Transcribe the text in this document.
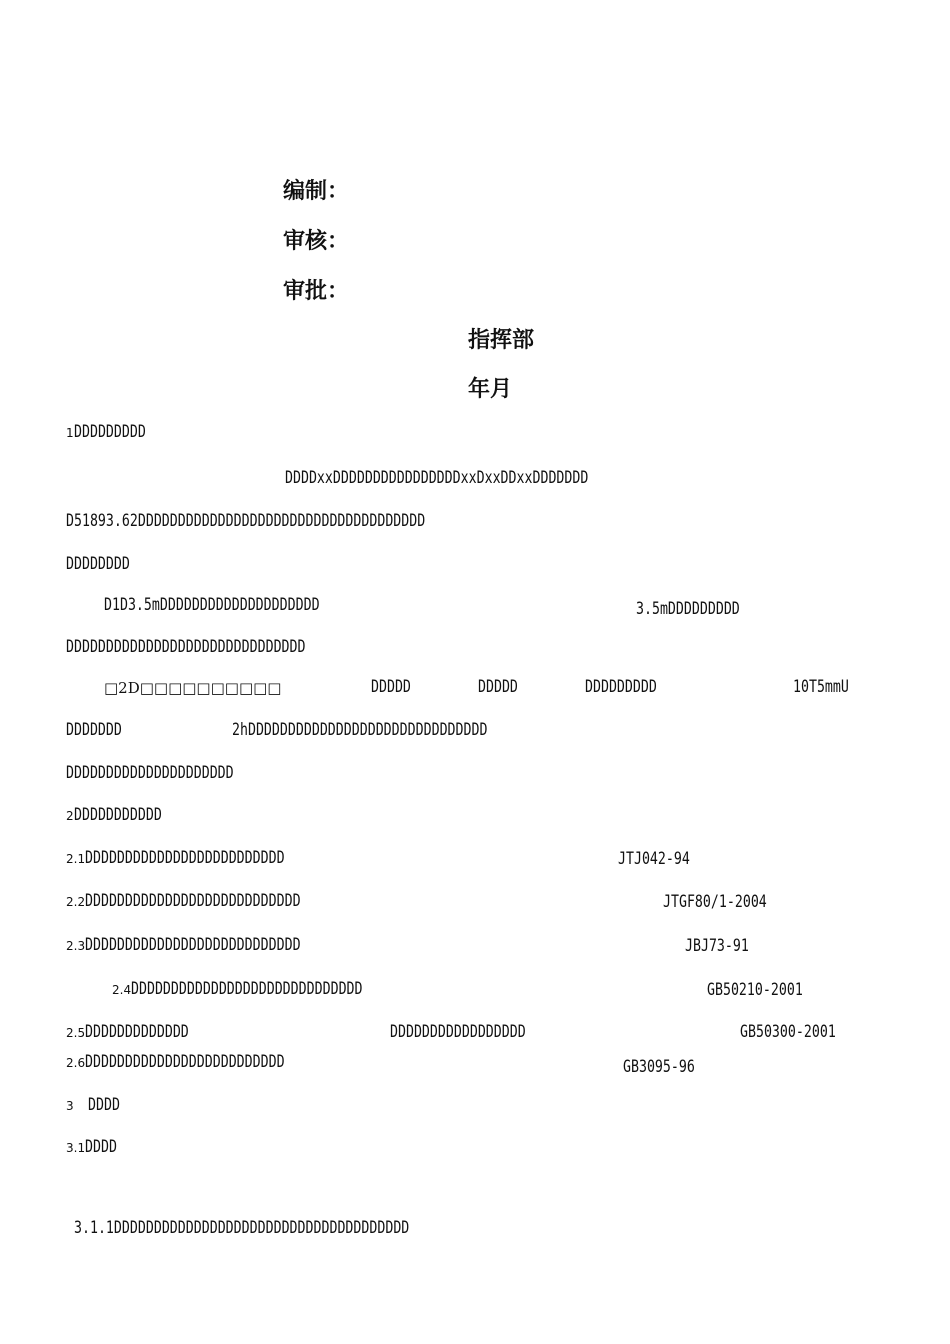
编制：
审核：
审批：
指挥部
年月
1DDDDDDDDD
DDDDxxDDDDDDDDDDDDDDDDxxDxxDDxxDDDDDDD
D51893.62DDDDDDDDDDDDDDDDDDDDDDDDDDDDDDDDDDDD
DDDDDDDD
D1D3.5mDDDDDDDDDDDDDDDDDDDD	3.5mDDDDDDDDD
DDDDDDDDDDDDDDDDDDDDDDDDDDDDDD
□2D□□□□□□□□□□	DDDDD	DDDDD	DDDDDDDDD	10T5mmU
DDDDDDD	2hDDDDDDDDDDDDDDDDDDDDDDDDDDDDDD
DDDDDDDDDDDDDDDDDDDDD
2DDDDDDDDDDD
2.1DDDDDDDDDDDDDDDDDDDDDDDDD	JTJ042-94
2.2DDDDDDDDDDDDDDDDDDDDDDDDDDD	JTGF80/1-2004
2.3DDDDDDDDDDDDDDDDDDDDDDDDDDD	JBJ73-91
2.4DDDDDDDDDDDDDDDDDDDDDDDDDDDDD	GB50210-2001
2.5DDDDDDDDDDDDD	DDDDDDDDDDDDDDDDD	GB50300-2001
2.6DDDDDDDDDDDDDDDDDDDDDDDDD	GB3095-96
3 DDDD
3.1DDDD
3.1.1DDDDDDDDDDDDDDDDDDDDDDDDDDDDDDDDDDDDD
